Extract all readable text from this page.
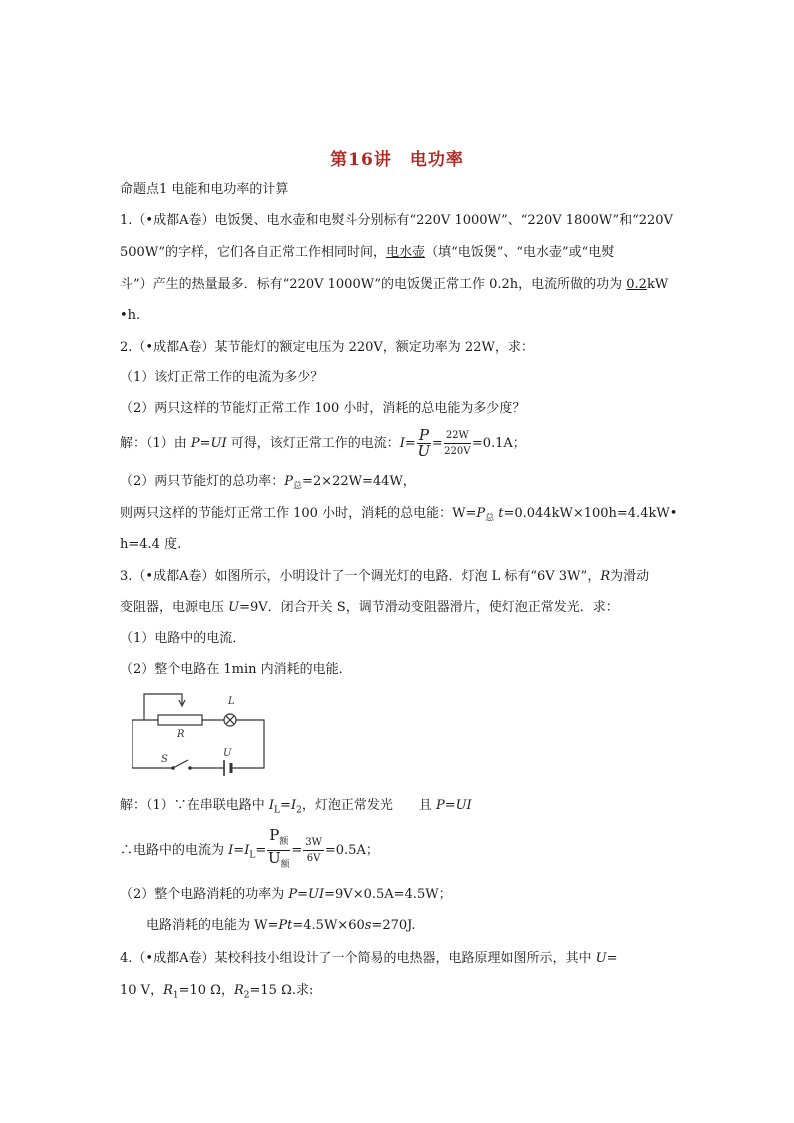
第16讲　电功率
命题点1 电能和电功率的计算
1.（•成都A卷）电饭煲、电水壶和电熨斗分别标有“220V 1000W”、“220V 1800W”和“220V
500W”的字样，它们各自正常工作相同时间，电水壶（填“电饭煲”、“电水壶”或“电熨
斗”）产生的热量最多．标有“220V 1000W”的电饭煲正常工作 0.2h，电流所做的功为 0.2kW
•h.
2.（•成都A卷）某节能灯的额定电压为 220V，额定功率为 22W，求：
（1）该灯正常工作的电流为多少？
（2）两只这样的节能灯正常工作 100 小时，消耗的总电能为多少度？
解：（1）由 P=UI 可得，该灯正常工作的电流：$I= \frac{P}{U} = \frac{22W}{220V} =0.1A$；
（2）两只节能灯的总功率：$P_总=2\times 22W=44W$，
则两只这样的节能灯正常工作 100 小时，消耗的总电能：$W=P_总$ t=0.044kW×100h=4.4kW•
h=4.4 度.
3.（•成都A卷）如图所示，小明设计了一个调光灯的电路．灯泡 L 标有“6V 3W”，R为滑动
变阻器，电源电压 U=9V．闭合开关 S，调节滑动变阻器滑片，使灯泡正常发光．求：
（1）电路中的电流．
（2）整个电路在 1min 内消耗的电能．
L
R
S
U
解：（1）∵在串联电路中 $I_L=I_2$，灯泡正常发光　　且 P=UI
∴电路中的电流为 $I=I_L= \frac{P_额}{U_额} = \frac{3W}{6V} =0.5A$；
（2）整个电路消耗的功率为 P=UI=9V×0.5A=4.5W；
电路消耗的电能为 W=Pt=4.5W×60s=270J.
4.（•成都A卷）某校科技小组设计了一个简易的电热器，电路原理如图所示，其中 U=
10 V，$R_1=10$ Ω，$R_2=15$ Ω.求:
